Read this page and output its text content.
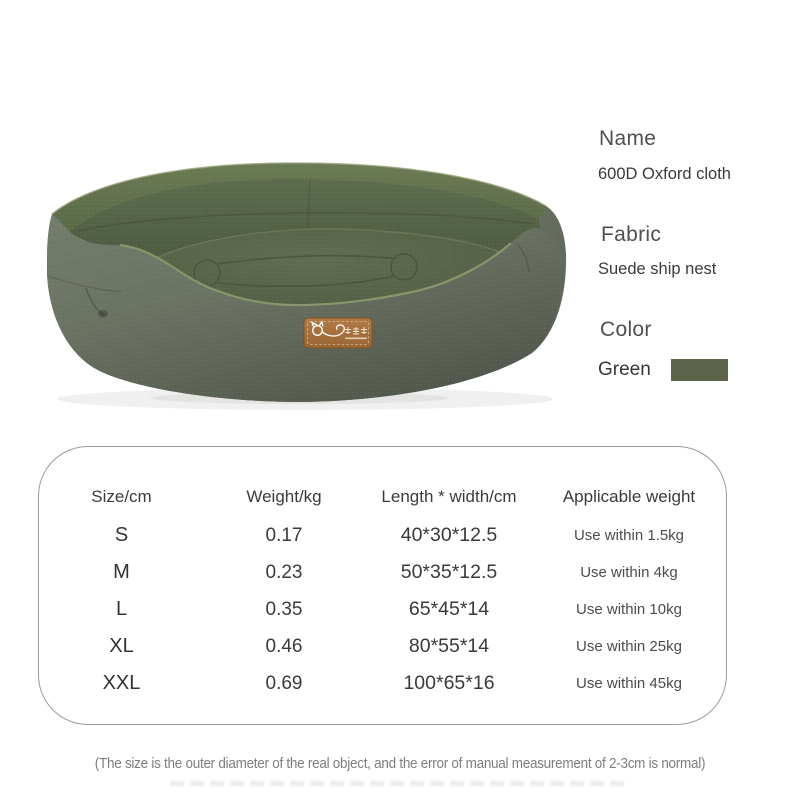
Name
600D Oxford cloth
Fabric
Suede ship nest
Color
Green
Size/cm	Weight/kg	Length * width/cm	Applicable weight
S	0.17	40*30*12.5	Use within 1.5kg
M	0.23	50*35*12.5	Use within 4kg
L	0.35	65*45*14	Use within 10kg
XL	0.46	80*55*14	Use within 25kg
XXL	0.69	100*65*16	Use within 45kg
(The size is the outer diameter of the real object, and the error of manual measurement of 2-3cm is normal)
